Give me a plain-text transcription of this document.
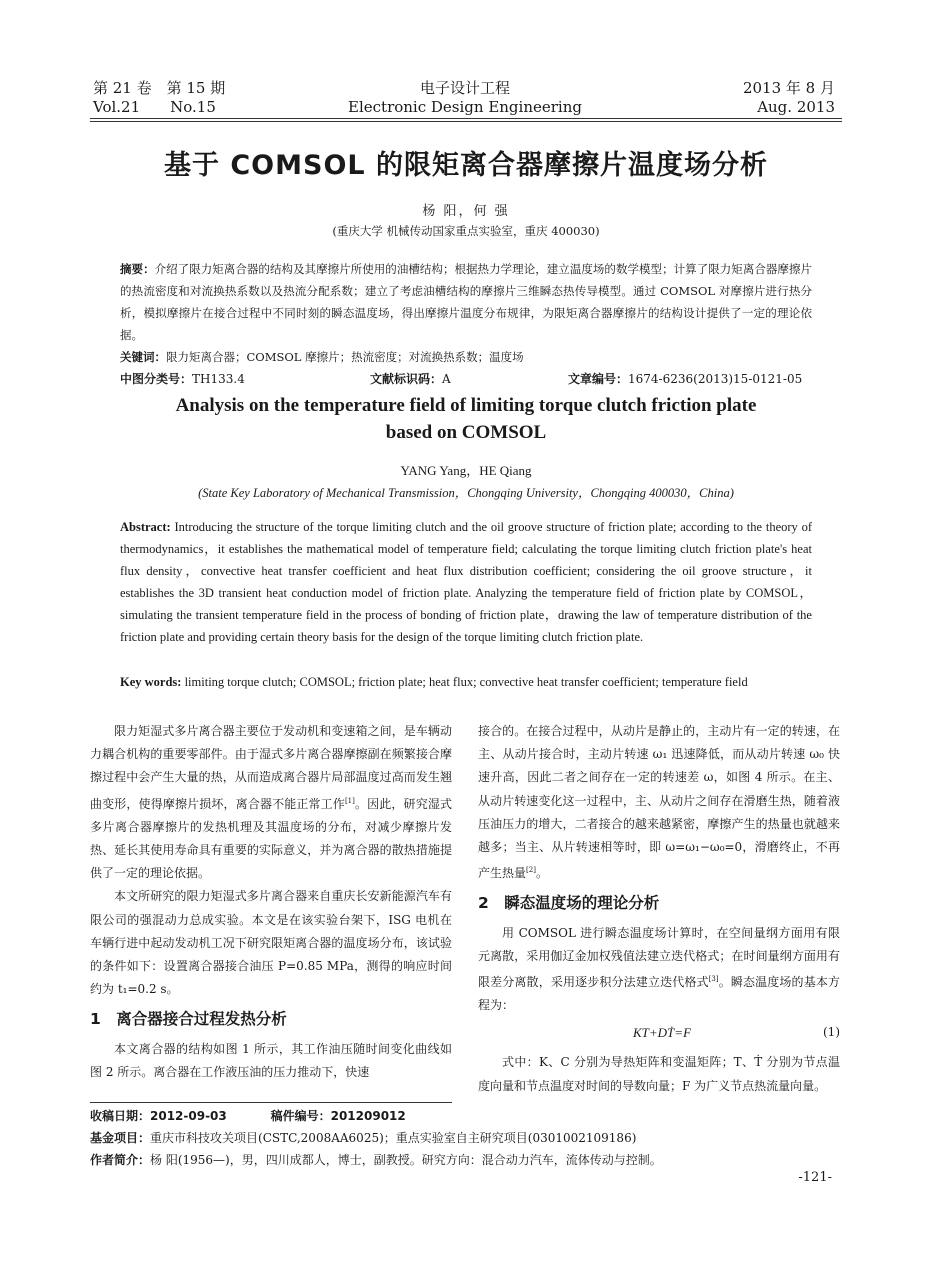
第 21 卷　第 15 期
Vol.21　　No.15
电子设计工程
Electronic Design Engineering
2013 年 8 月
Aug. 2013
基于 COMSOL 的限矩离合器摩擦片温度场分析
杨 阳，何 强
(重庆大学 机械传动国家重点实验室，重庆 400030)
摘要：介绍了限力矩离合器的结构及其摩擦片所使用的油槽结构；根据热力学理论，建立温度场的数学模型；计算了限力矩离合器摩擦片的热流密度和对流换热系数以及热流分配系数；建立了考虑油槽结构的摩擦片三维瞬态热传导模型。通过 COMSOL 对摩擦片进行热分析，模拟摩擦片在接合过程中不同时刻的瞬态温度场，得出摩擦片温度分布规律，为限矩离合器摩擦片的结构设计提供了一定的理论依据。
关键词：限力矩离合器；COMSOL 摩擦片；热流密度；对流换热系数；温度场
中图分类号：TH133.4	文献标识码：A	文章编号：1674-6236(2013)15-0121-05
Analysis on the temperature field of limiting torque clutch friction plate
based on COMSOL
YANG Yang，HE Qiang
(State Key Laboratory of Mechanical Transmission，Chongqing University，Chongqing 400030，China)
Abstract: Introducing the structure of the torque limiting clutch and the oil groove structure of friction plate; according to the theory of thermodynamics，it establishes the mathematical model of temperature field; calculating the torque limiting clutch friction plate's heat flux density，convective heat transfer coefficient and heat flux distribution coefficient; considering the oil groove structure，it establishes the 3D transient heat conduction model of friction plate. Analyzing the temperature field of friction plate by COMSOL，simulating the transient temperature field in the process of bonding of friction plate，drawing the law of temperature distribution of the friction plate and providing certain theory basis for the design of the torque limiting clutch friction plate.
Key words: limiting torque clutch; COMSOL; friction plate; heat flux; convective heat transfer coefficient; temperature field

限力矩湿式多片离合器主要位于发动机和变速箱之间，是车辆动力耦合机构的重要零部件。由于湿式多片离合器摩擦副在频繁接合摩擦过程中会产生大量的热，从而造成离合器片局部温度过高而发生翘曲变形，使得摩擦片损坏，离合器不能正常工作[1]。因此，研究湿式多片离合器摩擦片的发热机理及其温度场的分布，对减少摩擦片发热、延长其使用寿命具有重要的实际意义，并为离合器的散热措施提供了一定的理论依据。

本文所研究的限力矩湿式多片离合器来自重庆长安新能源汽车有限公司的强混动力总成实验。本文是在该实验台架下，ISG 电机在车辆行进中起动发动机工况下研究限矩离合器的温度场分布，该试验的条件如下：设置离合器接合油压 P=0.85 MPa，测得的响应时间约为 t₁=0.2 s。

1　离合器接合过程发热分析

本文离合器的结构如图 1 所示，其工作油压随时间变化曲线如图 2 所示。离合器在工作液压油的压力推动下，快速

接合的。在接合过程中，从动片是静止的，主动片有一定的转速，在主、从动片接合时，主动片转速 ω₁ 迅速降低，而从动片转速 ω₀ 快速升高，因此二者之间存在一定的转速差 ω，如图 4 所示。在主、从动片转速变化这一过程中，主、从动片之间存在滑磨生热，随着液压油压力的增大，二者接合的越来越紧密，摩擦产生的热量也就越来越多；当主、从片转速相等时，即 ω=ω₁−ω₀=0，滑磨终止，不再产生热量[2]。

2　瞬态温度场的理论分析

用 COMSOL 进行瞬态温度场计算时，在空间量纲方面用有限元离散，采用伽辽金加权残值法建立迭代格式；在时间量纲方面用有限差分离散，采用逐步积分法建立迭代格式[3]。瞬态温度场的基本方程为：

KT+DṪ=F	(1)

式中：K、C 分别为导热矩阵和变温矩阵；T、Ṫ 分别为节点温度向量和节点温度对时间的导数向量；F 为广义节点热流量向量。

收稿日期：2012-09-03	稿件编号：201209012
基金项目：重庆市科技攻关项目(CSTC,2008AA6025)；重点实验室自主研究项目(0301002109186)
作者简介：杨 阳(1956—)，男，四川成都人，博士，副教授。研究方向：混合动力汽车，流体传动与控制。
-121-
